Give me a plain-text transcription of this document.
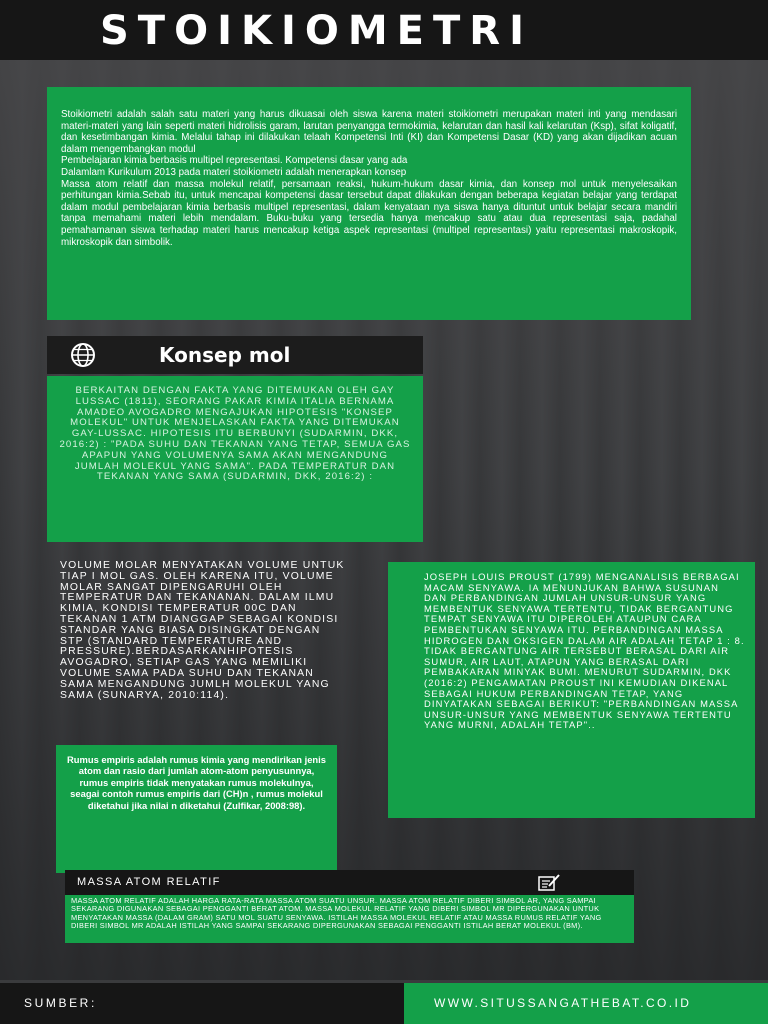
STOIKIOMETRI

Stoikiometri adalah salah satu materi yang harus dikuasai oleh siswa karena materi stoikiometri merupakan materi inti yang mendasari materi-materi yang lain seperti materi hidrolisis garam, larutan penyangga termokimia, kelarutan dan hasil kali kelarutan (Ksp), sifat koligatif, dan kesetimbangan kimia. Melalui tahap ini dilakukan telaah Kompetensi Inti (KI) dan Kompetensi Dasar (KD) yang akan dijadikan acuan dalam mengembangkan modul

Pembelajaran kimia berbasis multipel representasi. Kompetensi dasar yang ada

Dalamlam Kurikulum 2013 pada materi stoikiometri adalah menerapkan konsep

Massa atom relatif dan massa molekul relatif, persamaan reaksi, hukum-hukum dasar kimia, dan konsep mol untuk menyelesaikan perhitungan kimia.Sebab itu, untuk mencapai kompetensi dasar tersebut dapat dilakukan dengan beberapa kegiatan belajar yang terdapat dalam modul pembelajaran kimia berbasis multipel representasi, dalam kenyataan nya siswa hanya dituntut untuk belajar secara mandiri tanpa memahami materi lebih mendalam. Buku-buku yang tersedia hanya mencakup satu atau dua representasi saja, padahal pemahamanan siswa terhadap materi harus mencakup ketiga aspek representasi (multipel representasi) yaitu representasi makroskopik, mikroskopik dan simbolik.

Konsep mol
BERKAITAN DENGAN FAKTA YANG DITEMUKAN OLEH GAY LUSSAC (1811), SEORANG PAKAR KIMIA ITALIA BERNAMA AMADEO AVOGADRO MENGAJUKAN HIPOTESIS "KONSEP MOLEKUL" UNTUK MENJELASKAN FAKTA YANG DITEMUKAN GAY-LUSSAC. HIPOTESIS ITU BERBUNYI (SUDARMIN, DKK, 2016:2) : "PADA SUHU DAN TEKANAN YANG TETAP, SEMUA GAS APAPUN YANG VOLUMENYA SAMA AKAN MENGANDUNG JUMLAH MOLEKUL YANG SAMA". PADA TEMPERATUR DAN TEKANAN YANG SAMA (SUDARMIN, DKK, 2016:2) :
VOLUME MOLAR MENYATAKAN VOLUME UNTUK TIAP I MOL GAS. OLEH KARENA ITU, VOLUME MOLAR SANGAT DIPENGARUHI OLEH TEMPERATUR DAN TEKANANAN. DALAM ILMU KIMIA, KONDISI TEMPERATUR 00C DAN TEKANAN 1 ATM DIANGGAP SEBAGAI KONDISI STANDAR YANG BIASA DISINGKAT DENGAN STP (STANDARD TEMPERATURE AND PRESSURE).BERDASARKANHIPOTESIS AVOGADRO, SETIAP GAS YANG MEMILIKI VOLUME SAMA PADA SUHU DAN TEKANAN SAMA MENGANDUNG JUMLH MOLEKUL YANG SAMA (SUNARYA, 2010:114).
JOSEPH LOUIS PROUST (1799) MENGANALISIS BERBAGAI MACAM SENYAWA. IA MENUNJUKAN BAHWA SUSUNAN DAN PERBANDINGAN JUMLAH UNSUR-UNSUR YANG MEMBENTUK SENYAWA TERTENTU, TIDAK BERGANTUNG TEMPAT SENYAWA ITU DIPEROLEH ATAUPUN CARA PEMBENTUKAN SENYAWA ITU. PERBANDINGAN MASSA HIDROGEN DAN OKSIGEN DALAM AIR ADALAH TETAP 1 : 8. TIDAK BERGANTUNG AIR TERSEBUT BERASAL DARI AIR SUMUR, AIR LAUT, ATAPUN YANG BERASAL DARI PEMBAKARAN MINYAK BUMI. MENURUT SUDARMIN, DKK (2016:2) PENGAMATAN PROUST INI KEMUDIAN DIKENAL SEBAGAI HUKUM PERBANDINGAN TETAP, YANG DINYATAKAN SEBAGAI BERIKUT: "PERBANDINGAN MASSA UNSUR-UNSUR YANG MEMBENTUK SENYAWA TERTENTU YANG MURNI, ADALAH TETAP"..
Rumus empiris adalah rumus kimia yang mendirikan jenis atom dan rasio dari jumlah atom-atom penyusunnya, rumus empiris tidak menyatakan rumus molekulnya, seagai contoh rumus empiris dari (CH)n , rumus molekul diketahui jika nilai n diketahui (Zulfikar, 2008:98).
MASSA ATOM RELATIF
MASSA ATOM RELATIF ADALAH HARGA RATA-RATA MASSA ATOM SUATU UNSUR. MASSA ATOM RELATIF DIBERI SIMBOL AR, YANG SAMPAI SEKARANG DIGUNAKAN SEBAGAI PENGGANTI BERAT ATOM. MASSA MOLEKUL RELATIF YANG DIBERI SIMBOL MR DIPERGUNAKAN UNTUK MENYATAKAN MASSA (DALAM GRAM) SATU MOL SUATU SENYAWA. ISTILAH MASSA MOLEKUL RELATIF ATAU MASSA RUMUS RELATIF YANG DIBERI SIMBOL MR ADALAH ISTILAH YANG SAMPAI SEKARANG DIPERGUNAKAN SEBAGAI PENGGANTI ISTILAH BERAT MOLEKUL (BM).
SUMBER:	WWW.SITUSSANGATHEBAT.CO.ID
